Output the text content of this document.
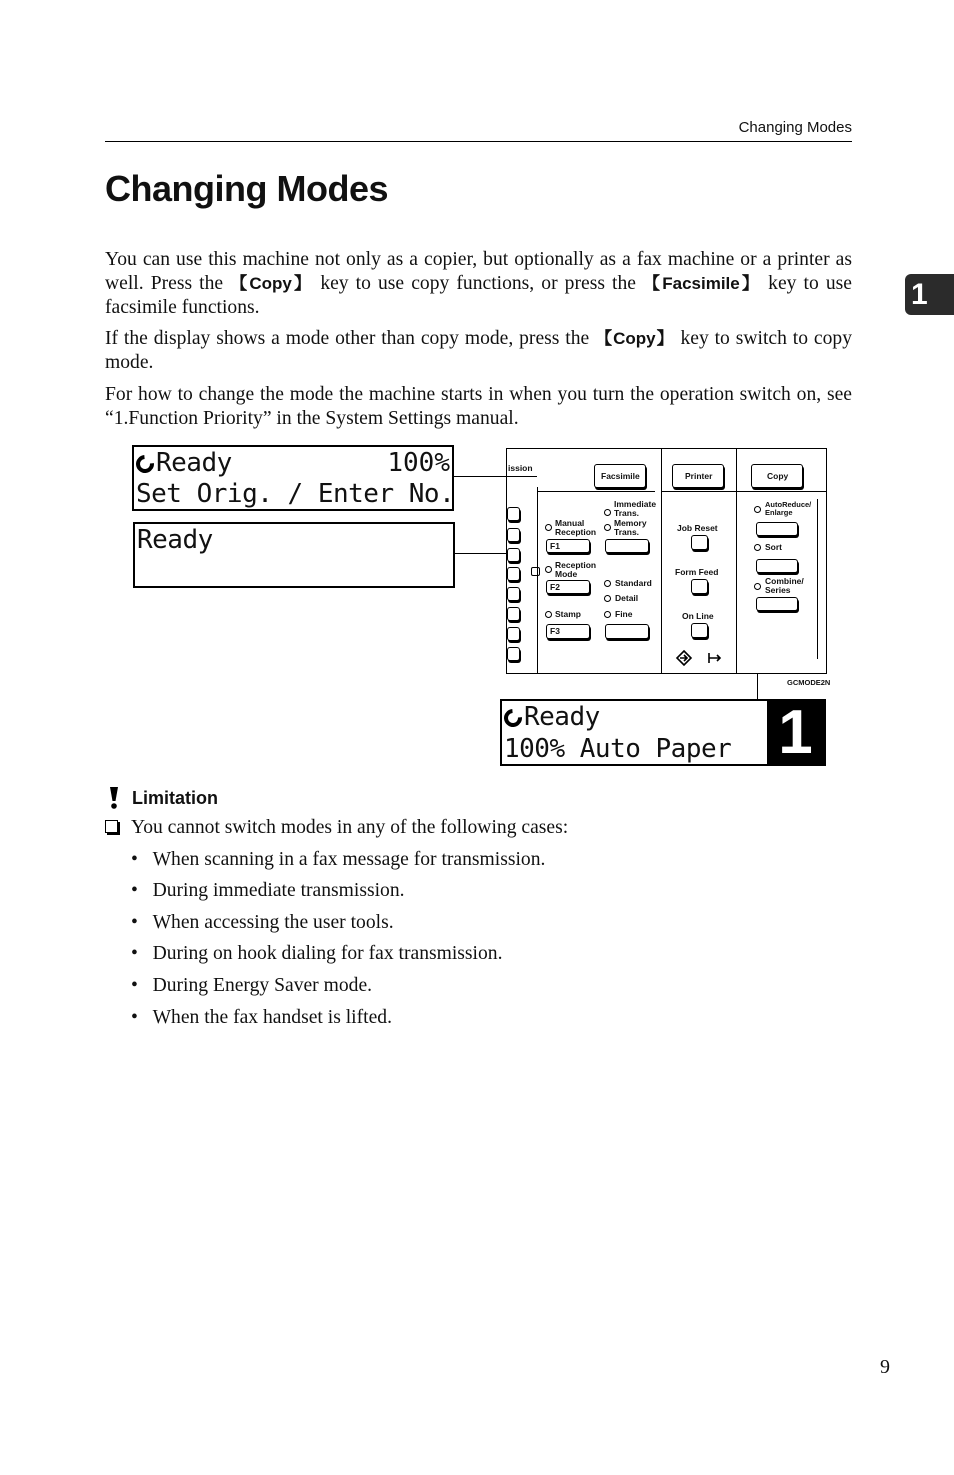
Changing Modes
Changing Modes
1
You can use this machine not only as a copier, but optionally as a fax machine or a printer as well. Press the 【Copy】 key to use copy functions, or press the 【Facsimile】 key to use facsimile functions.
If the display shows a mode other than copy mode, press the 【Copy】 key to switch to copy mode.
For how to change the mode the machine starts in when you turn the operation switch on, see “1.Function Priority” in the System Settings manual.
Ready	100%
Set Orig. / Enter No.
Ready
ission
Facsimile	Printer	Copy
Manual
Reception
Immediate
Trans.
Memory
Trans.
F1
Reception
Mode
F2	Standard
Detail
Stamp	Fine
F3
Job Reset
Form Feed
On Line
AutoReduce/
Enlarge
Sort
Combine/
Series
GCMODE2N
Ready
100% Auto Paper 1
Limitation
You cannot switch modes in any of the following cases:
•   When scanning in a fax message for transmission.
•   During immediate transmission.
•   When accessing the user tools.
•   During on hook dialing for fax transmission.
•   During Energy Saver mode.
•   When the fax handset is lifted.
9
